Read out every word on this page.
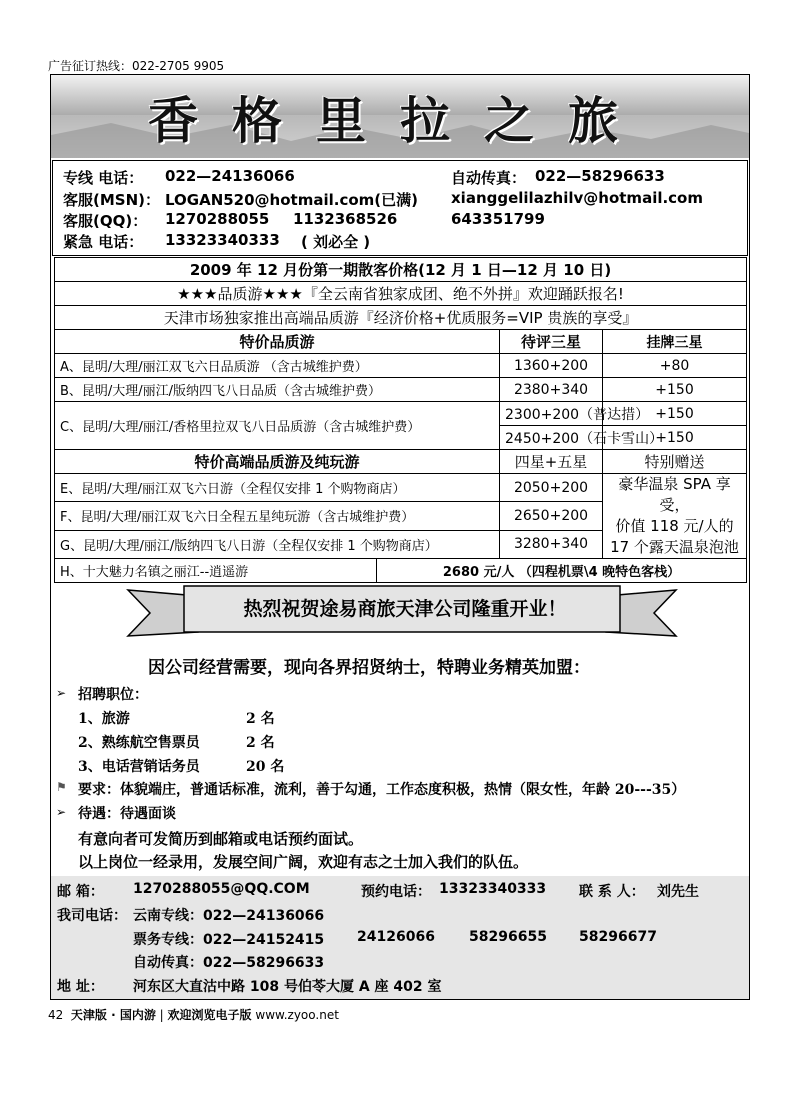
广告征订热线：022-2705 9905
香格里拉之旅
专线 电话： 022—24136066	自动传真： 022—58296633
客服(MSN)： LOGAN520@hotmail.com(已满) xianggelilazhilv@hotmail.com
客服(QQ)： 1270288055 1132368526	643351799
紧急 电话： 13323340333 ( 刘必全 )
2009 年 12 月份第一期散客价格(12 月 1 日—12 月 10 日)			
★★★品质游★★★『全云南省独家成团、绝不外拼』欢迎踊跃报名!			
天津市场独家推出高端品质游『经济价格+优质服务=VIP 贵族的享受』			
特价品质游		待评三星	挂牌三星
A、昆明/大理/丽江双飞六日品质游 （含古城维护费）		1360+200	+80
B、昆明/大理/丽江/版纳四飞八日品质（含古城维护费）		2380+340	+150
C、昆明/大理/丽江/香格里拉双飞八日品质游（含古城维护费）		2300+200（普达措）	+150
		2450+200（石卡雪山）	+150
特价高端品质游及纯玩游		四星+五星	特别赠送
E、昆明/大理/丽江双飞六日游（全程仅安排 1 个购物商店）		2050+200	豪华温泉 SPA 享受，
价值 118 元/人的
17 个露天温泉泡池

F、昆明/大理/丽江双飞六日全程五星纯玩游（含古城维护费）		2650+200	
G、昆明/大理/丽江/版纳四飞八日游（全程仅安排 1 个购物商店）		3280+340	
H、十大魅力名镇之丽江--逍遥游	2680 元/人 （四程机票\4 晚特色客栈）		
热烈祝贺途易商旅天津公司隆重开业！
因公司经营需要，现向各界招贤纳士，特聘业务精英加盟：
➢ 招聘职位：
1、旅游	2 名
2、熟练航空售票员	2 名
3、电话营销话务员	20 名
⚑ 要求：体貌端庄，普通话标准，流利，善于勾通，工作态度积极，热情（限女性，年龄 20---35）
➢ 待遇：待遇面谈
有意向者可发简历到邮箱或电话预约面试。
以上岗位一经录用，发展空间广阔，欢迎有志之士加入我们的队伍。
邮 箱： 1270288055@QQ.COM	预约电话： 13323340333 联 系 人： 刘先生
我司电话： 云南专线：022—24136066
票务专线：022—24152415 24126066 58296655 58296677
自动传真：022—58296633
地 址： 河东区大直沽中路 108 号伯苓大厦 A 座 402 室
42 天津版 · 国内游 | 欢迎浏览电子版 www.zyoo.net
